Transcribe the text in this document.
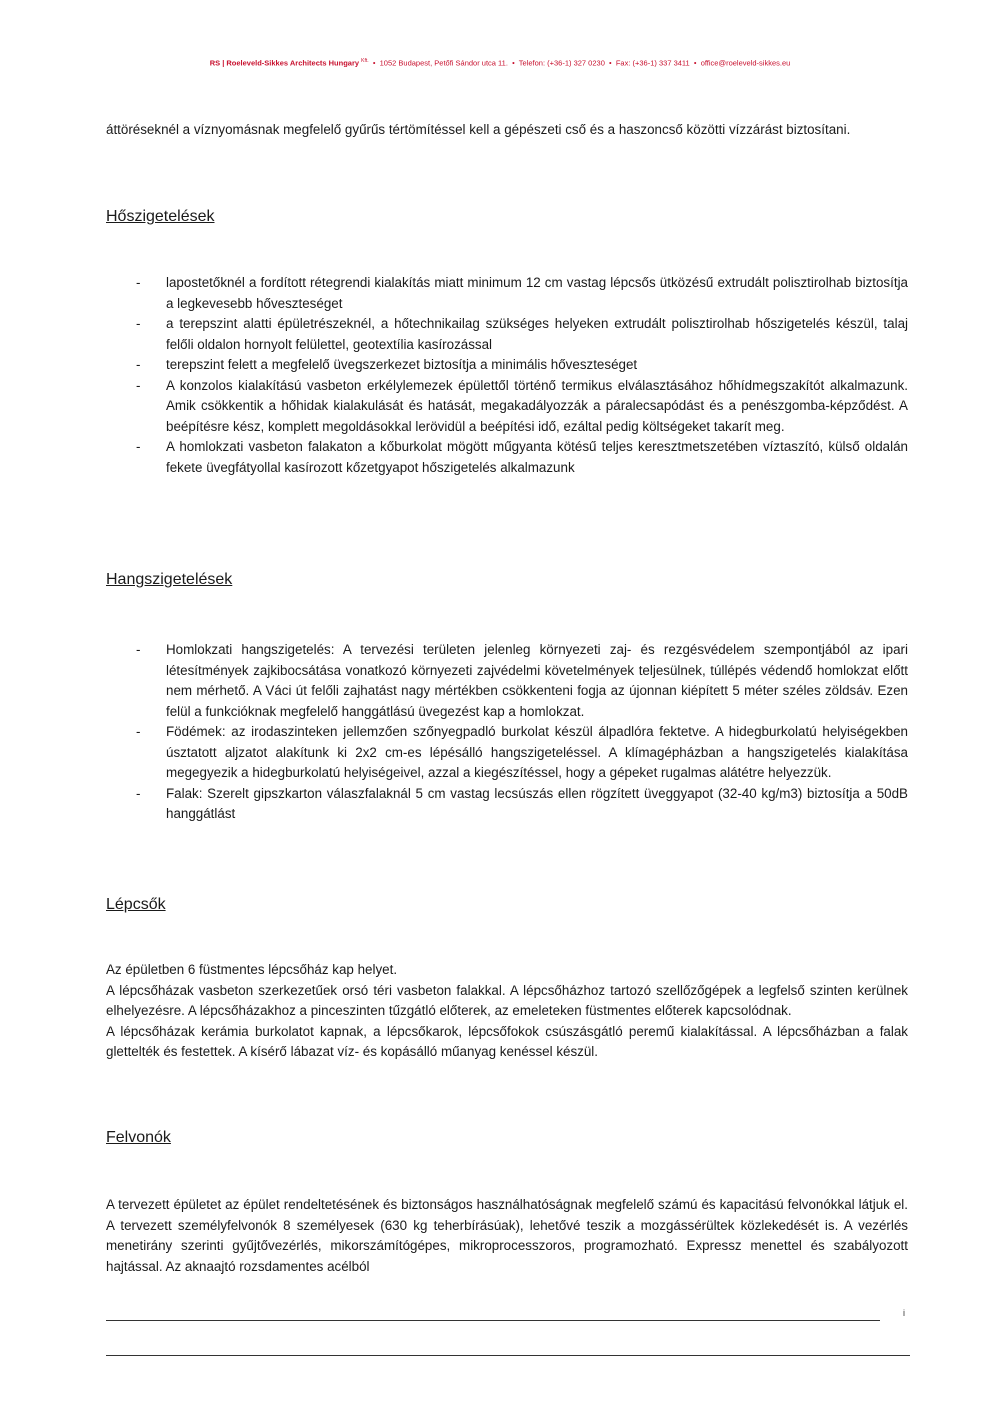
RS | Roeleveld-Sikkes Architects Hungary $^{Kft.}$  •  1052 Budapest, Petőfi Sándor utca 11.  •  Telefon: (+36-1) 327 0230  •  Fax: (+36-1) 337 3411  •  office@roeleveld-sikkes.eu

áttöréseknél a víznyomásnak megfelelő gyűrűs tértömítéssel kell a gépészeti cső és a haszoncső közötti vízzárást biztosítani.

Hőszigetelések
- lapostetőknél a fordított rétegrendi kialakítás miatt minimum 12 cm vastag lépcsős ütközésű extrudált polisztirolhab biztosítja a legkevesebb hőveszteséget
- a terepszint alatti épületrészeknél, a hőtechnikailag szükséges helyeken extrudált polisztirolhab hőszigetelés készül, talaj felőli oldalon hornyolt felülettel, geotextília kasírozással
- terepszint felett a megfelelő üvegszerkezet biztosítja a minimális hőveszteséget
- A konzolos kialakítású vasbeton erkélylemezek épülettől történő termikus elválasztásához hőhídmegszakítót alkalmazunk. Amik csökkentik a hőhidak kialakulását és hatását, megakadályozzák a páralecsapódást és a penészgomba-képződést. A beépítésre kész, komplett megoldásokkal lerövidül a beépítési idő, ezáltal pedig költségeket takarít meg.
- A homlokzati vasbeton falakaton a kőburkolat mögött műgyanta kötésű teljes keresztmetszetében víztaszító, külső oldalán fekete üvegfátyollal kasírozott kőzetgyapot hőszigetelés alkalmazunk
Hangszigetelések
- Homlokzati hangszigetelés: A tervezési területen jelenleg környezeti zaj- és rezgésvédelem szempontjából az ipari létesítmények zajkibocsátása vonatkozó környezeti zajvédelmi követelmények teljesülnek, túllépés védendő homlokzat előtt nem mérhető. A Váci út felőli zajhatást nagy mértékben csökkenteni fogja az újonnan kiépített 5 méter széles zöldsáv. Ezen felül a funkcióknak megfelelő hanggátlású üvegezést kap a homlokzat.
- Födémek: az irodaszinteken jellemzően szőnyegpadló burkolat készül álpadlóra fektetve. A hidegburkolatú helyiségekben úsztatott aljzatot alakítunk ki 2x2 cm-es lépésálló hangszigeteléssel. A klímagépházban a hangszigetelés kialakítása megegyezik a hidegburkolatú helyiségeivel, azzal a kiegészítéssel, hogy a gépeket rugalmas alátétre helyezzük.
- Falak: Szerelt gipszkarton válaszfalaknál 5 cm vastag lecsúszás ellen rögzített üveggyapot (32-40 kg/m3) biztosítja a 50dB hanggátlást
Lépcsők

Az épületben 6 füstmentes lépcsőház kap helyet.

A lépcsőházak vasbeton szerkezetűek orsó téri vasbeton falakkal. A lépcsőházhoz tartozó szellőzőgépek a legfelső szinten kerülnek elhelyezésre. A lépcsőházakhoz a pinceszinten tűzgátló előterek, az emeleteken füstmentes előterek kapcsolódnak.

A lépcsőházak kerámia burkolatot kapnak, a lépcsőkarok, lépcsőfokok csúszásgátló peremű kialakítással. A lépcsőházban a falak glettelték és festettek. A kísérő lábazat víz- és kopásálló műanyag kenéssel készül.

Felvonók

A tervezett épületet az épület rendeltetésének és biztonságos használhatóságnak megfelelő számú és kapacitású felvonókkal látjuk el. A tervezett személyfelvonók 8 személyesek (630 kg teherbírásúak), lehetővé teszik a mozgássérültek közlekedését is. A vezérlés menetirány szerinti gyűjtővezérlés, mikorszámítógépes, mikroprocesszoros, programozható. Expressz menettel és szabályozott hajtással. Az aknaajtó rozsdamentes acélból

i
